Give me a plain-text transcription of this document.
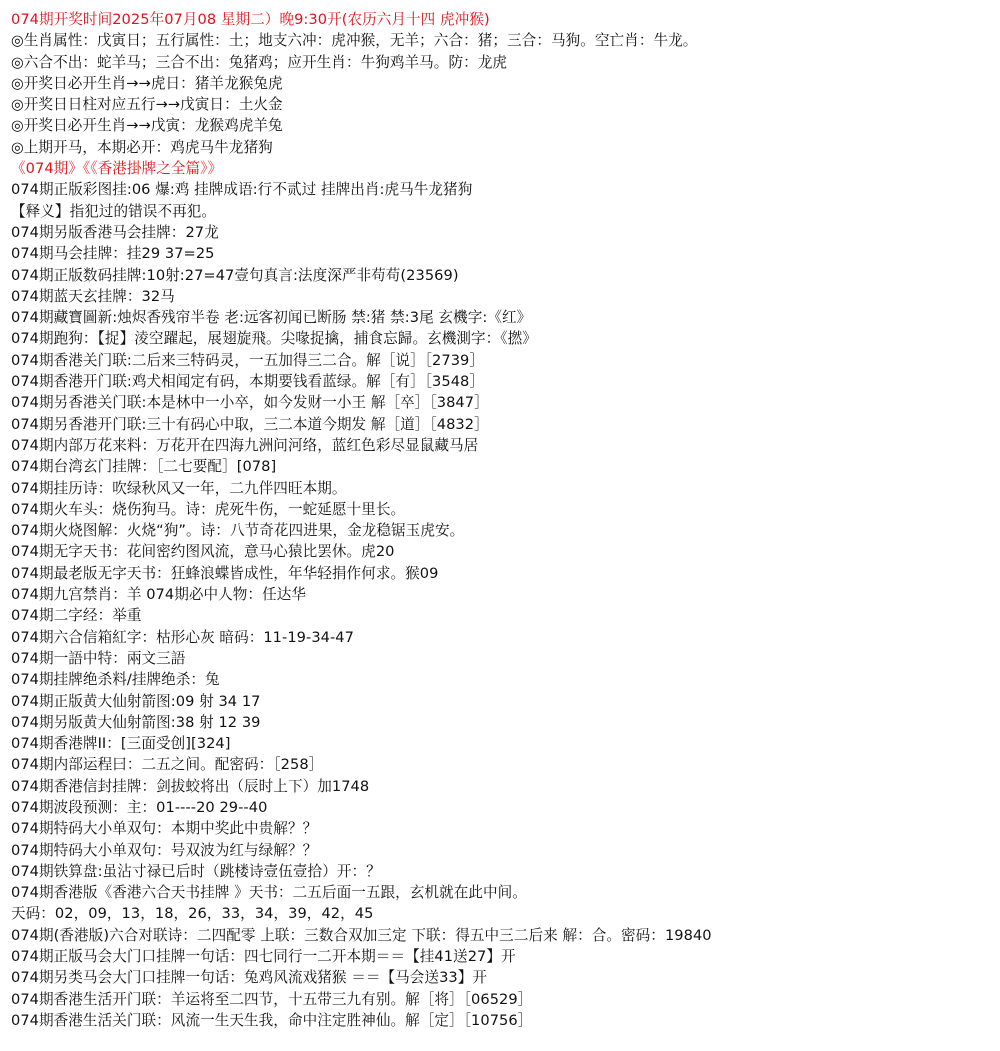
074期开奖时间2025年07月08 星期二）晚9:30开(农历六月十四 虎冲猴)
◎生肖属性：戊寅日；五行属性：土；地支六冲：虎冲猴，无羊；六合：猪；三合：马狗。空亡肖：牛龙。
◎六合不出：蛇羊马；三合不出：兔猪鸡；应开生肖：牛狗鸡羊马。防：龙虎
◎开奖日必开生肖→→虎日：猪羊龙猴兔虎
◎开奖日日柱对应五行→→戊寅日：土火金
◎开奖日必开生肖→→戊寅：龙猴鸡虎羊兔
◎上期开马，本期必开：鸡虎马牛龙猪狗
《074期》《《香港掛牌之全篇》》
074期正版彩图挂:06 爆:鸡 挂牌成语:行不贰过 挂牌出肖:虎马牛龙猪狗
【释义】指犯过的错误不再犯。
074期另版香港马会挂牌：27龙
074期马会挂牌：挂29 37=25
074期正版数码挂牌:10射:27=47壹句真言:法度深严非苟苟(23569)
074期蓝天玄挂牌：32马
074期藏寶圖新:烛烬香残帘半卷 老:远客初闻已断肠 禁:猪 禁:3尾 玄機字:《红》
074期跑狗：【捉】淩空躍起，展翅旋飛。尖喙捉擒，捕食忘歸。玄機測字：《撚》
074期香港关门联:二后来三特码灵，一五加得三二合。解［说］［2739］
074期香港开门联:鸡犬相闻定有码，本期要钱看蓝绿。解［有］［3548］
074期另香港关门联:本是林中一小卒，如今发财一小王 解［卒］［3847］
074期另香港开门联:三十有码心中取，三二本道今期发 解［道］［4832］
074期内部万花来料：万花开在四海九洲问河络，蓝红色彩尽显鼠藏马居
074期台湾玄门挂牌：［二七要配］[078]
074期挂历诗：吹绿秋风又一年，二九伴四旺本期。
074期火车头：烧伤狗马。诗：虎死牛伤，一蛇延愿十里长。
074期火烧图解：火烧“狗”。诗：八节奇花四进果，金龙稳锯玉虎安。
074期无字天书：花间密约图风流，意马心猿比罢休。虎20
074期最老版无字天书：狂蜂浪蝶皆成性，年华轻捐作何求。猴09
074期九宫禁肖：羊 074期必中人物：任达华
074期二字经：举重
074期六合信箱紅字：枯形心灰 暗码：11-19-34-47
074期一語中特：兩文三語
074期挂牌绝杀料/挂牌绝杀：兔
074期正版黄大仙射箭图:09 射 34 17
074期另版黄大仙射箭图:38 射 12 39
074期香港牌II：[三面受创][324]
074期内部运程曰：二五之间。配密码：［258］
074期香港信封挂牌：剑拔蛟将出（辰时上下）加1748
074期波段预测：主：01----20 29--40
074期特码大小单双句：本期中奖此中贵解？？
074期特码大小单双句：号双波为红与绿解？？
074期铁算盘:虽沾寸禄已后时（跳楼诗壹伍壹拾）开：？
074期香港版《香港六合天书挂牌 》天书：二五后面一五跟，玄机就在此中间。
天码：02，09，13，18，26，33，34，39，42，45
074期(香港版)六合对联诗：二四配零 上联：三数合双加三定 下联：得五中三二后来 解：合。密码：19840
074期正版马会大门口挂牌一句话：四七同行一二开本期＝＝【挂41送27】开
074期另类马会大门口挂牌一句话：兔鸡风流戏猪猴 ＝＝【马会送33】开
074期香港生活开门联：羊运将至二四节，十五带三九有别。解［将］［06529］
074期香港生活关门联：风流一生天生我，命中注定胜神仙。解［定］［10756］
